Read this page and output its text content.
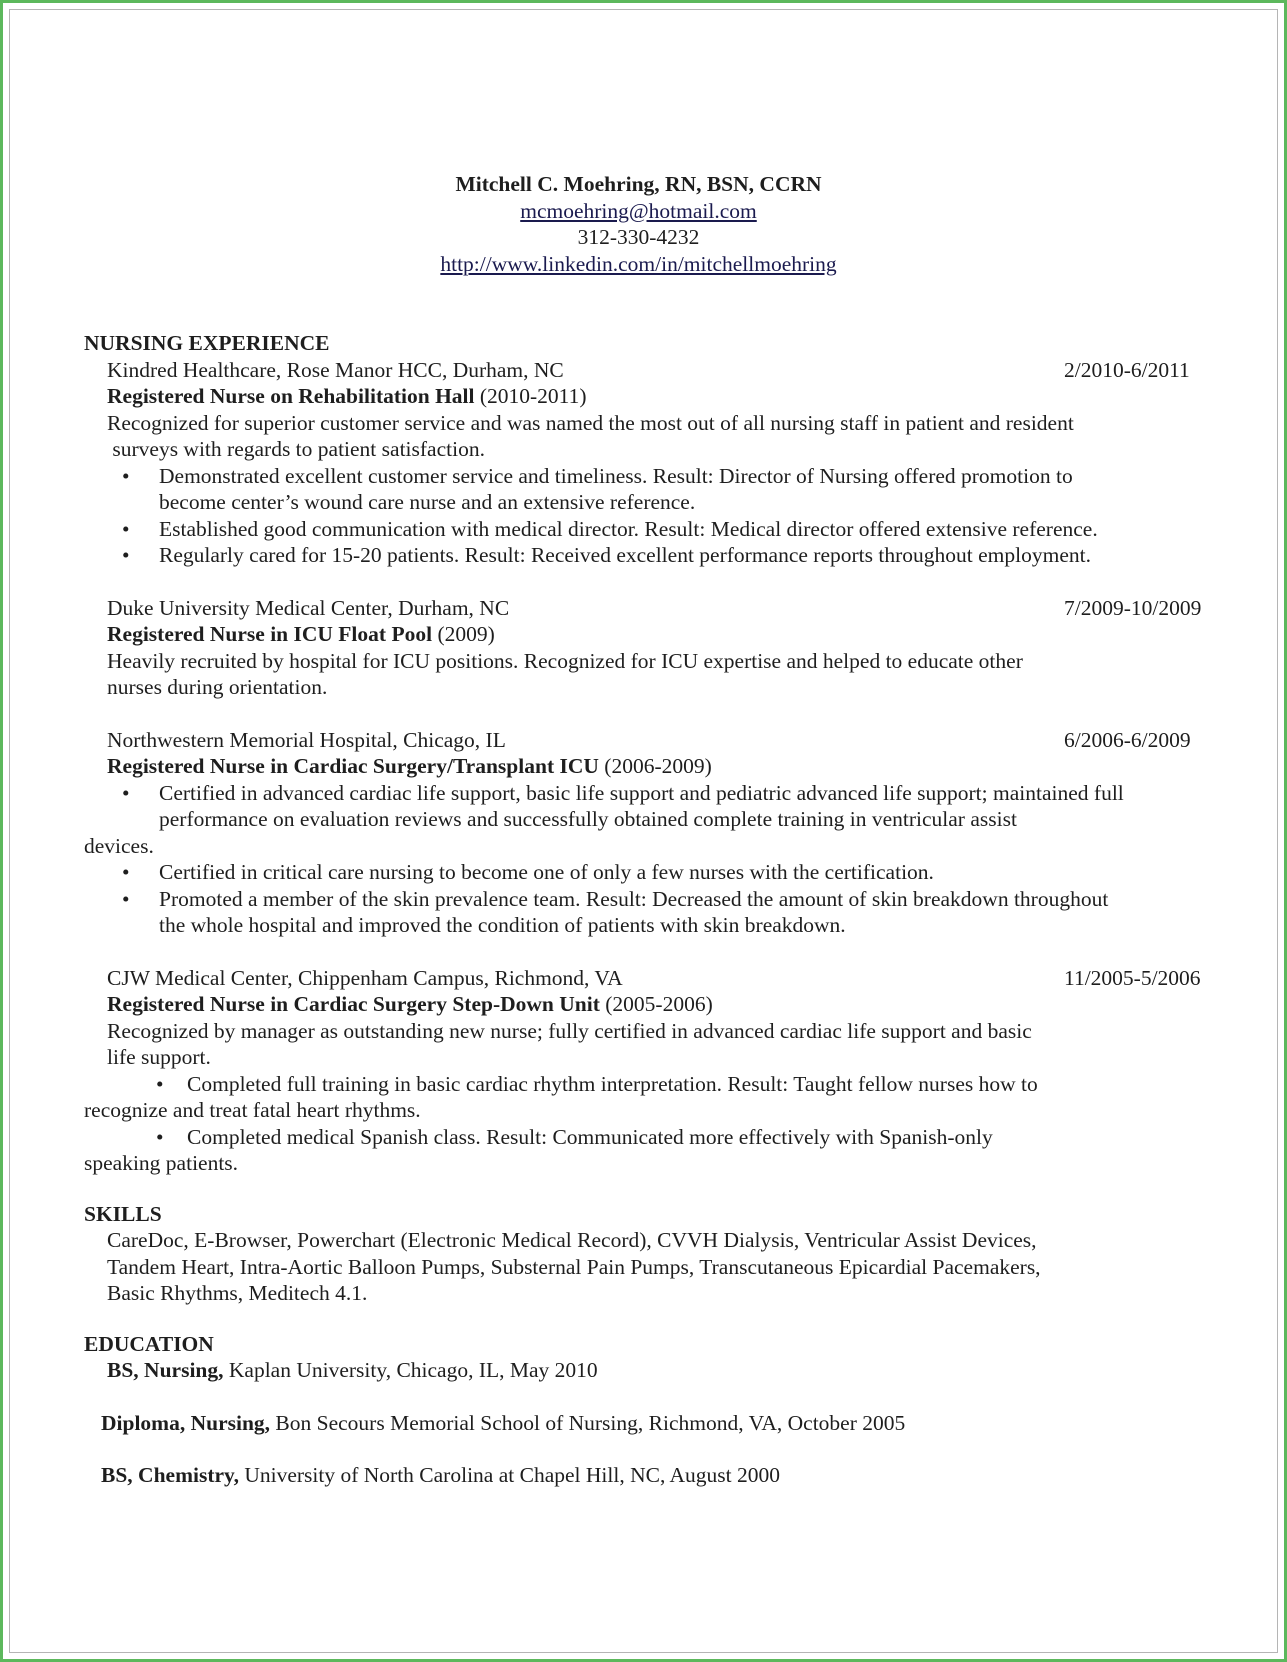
Mitchell C. Moehring, RN, BSN, CCRN
mcmoehring@hotmail.com
312-330-4232
http://www.linkedin.com/in/mitchellmoehring
NURSING EXPERIENCE
Kindred Healthcare, Rose Manor HCC, Durham, NC	2/2010-6/2011
Registered Nurse on Rehabilitation Hall (2010-2011)
Recognized for superior customer service and was named the most out of all nursing staff in patient and resident
surveys with regards to patient satisfaction.
• Demonstrated excellent customer service and timeliness. Result: Director of Nursing offered promotion to
become center’s wound care nurse and an extensive reference.
• Established good communication with medical director. Result: Medical director offered extensive reference.
• Regularly cared for 15-20 patients. Result: Received excellent performance reports throughout employment.
Duke University Medical Center, Durham, NC	7/2009-10/2009
Registered Nurse in ICU Float Pool (2009)
Heavily recruited by hospital for ICU positions. Recognized for ICU expertise and helped to educate other
nurses during orientation.
Northwestern Memorial Hospital, Chicago, IL	6/2006-6/2009
Registered Nurse in Cardiac Surgery/Transplant ICU (2006-2009)
• Certified in advanced cardiac life support, basic life support and pediatric advanced life support; maintained full
performance on evaluation reviews and successfully obtained complete training in ventricular assist
devices.
• Certified in critical care nursing to become one of only a few nurses with the certification.
• Promoted a member of the skin prevalence team. Result: Decreased the amount of skin breakdown throughout
the whole hospital and improved the condition of patients with skin breakdown.
CJW Medical Center, Chippenham Campus, Richmond, VA	11/2005-5/2006
Registered Nurse in Cardiac Surgery Step-Down Unit (2005-2006)
Recognized by manager as outstanding new nurse; fully certified in advanced cardiac life support and basic
life support.
• Completed full training in basic cardiac rhythm interpretation. Result: Taught fellow nurses how to
recognize and treat fatal heart rhythms.
• Completed medical Spanish class. Result: Communicated more effectively with Spanish-only
speaking patients.
SKILLS
CareDoc, E-Browser, Powerchart (Electronic Medical Record), CVVH Dialysis, Ventricular Assist Devices,
Tandem Heart, Intra-Aortic Balloon Pumps, Substernal Pain Pumps, Transcutaneous Epicardial Pacemakers,
Basic Rhythms, Meditech 4.1.
EDUCATION
BS, Nursing, Kaplan University, Chicago, IL, May 2010
Diploma, Nursing, Bon Secours Memorial School of Nursing, Richmond, VA, October 2005
BS, Chemistry, University of North Carolina at Chapel Hill, NC, August 2000
